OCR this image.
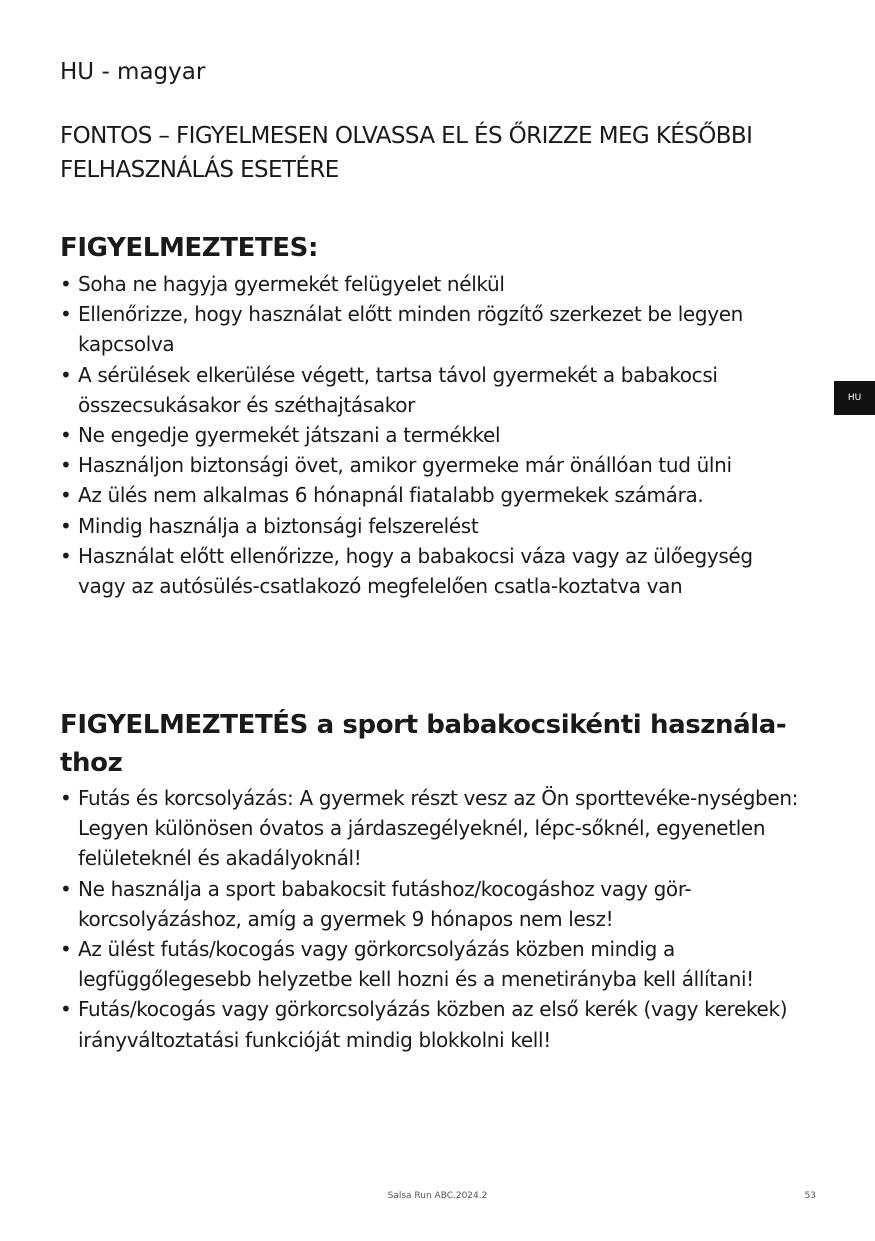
HU - magyar
FONTOS – FIGYELMESEN OLVASSA EL ÉS ŐRIZZE MEG KÉSŐBBI FELHASZNÁLÁS ESETÉRE
FIGYELMEZTETES:
• Soha ne hagyja gyermekét felügyelet nélkül
• Ellenőrizze, hogy használat előtt minden rögzítő szerkezet be legyen kapcsolva
• A sérülések elkerülése végett, tartsa távol gyermekét a babakocsi összecsukásakor és széthajtásakor
• Ne engedje gyermekét játszani a termékkel
• Használjon biztonsági övet, amikor gyermeke már önállóan tud ülni
• Az ülés nem alkalmas 6 hónapnál fiatalabb gyermekek számára.
• Mindig használja a biztonsági felszerelést
• Használat előtt ellenőrizze, hogy a babakocsi váza vagy az ülőegység vagy az autósülés-csatlakozó megfelelően csatla-koztatva van
FIGYELMEZTETÉS a sport babakocsikénti használa-thoz
• Futás és korcsolyázás: A gyermek részt vesz az Ön sporttevéke-nységben: Legyen különösen óvatos a járdaszegélyeknél, lépc-sőknél, egyenetlen felületeknél és akadályoknál!
• Ne használja a sport babakocsit futáshoz/kocogáshoz vagy gör-korcsolyázáshoz, amíg a gyermek 9 hónapos nem lesz!
• Az ülést futás/kocogás vagy görkorcsolyázás közben mindig a legfüggőlegesebb helyzetbe kell hozni és a menetirányba kell állítani!
• Futás/kocogás vagy görkorcsolyázás közben az első kerék (vagy kerekek) irányváltoztatási funkcióját mindig blokkolni kell!
HU
Salsa Run ABC.2024.2	53
